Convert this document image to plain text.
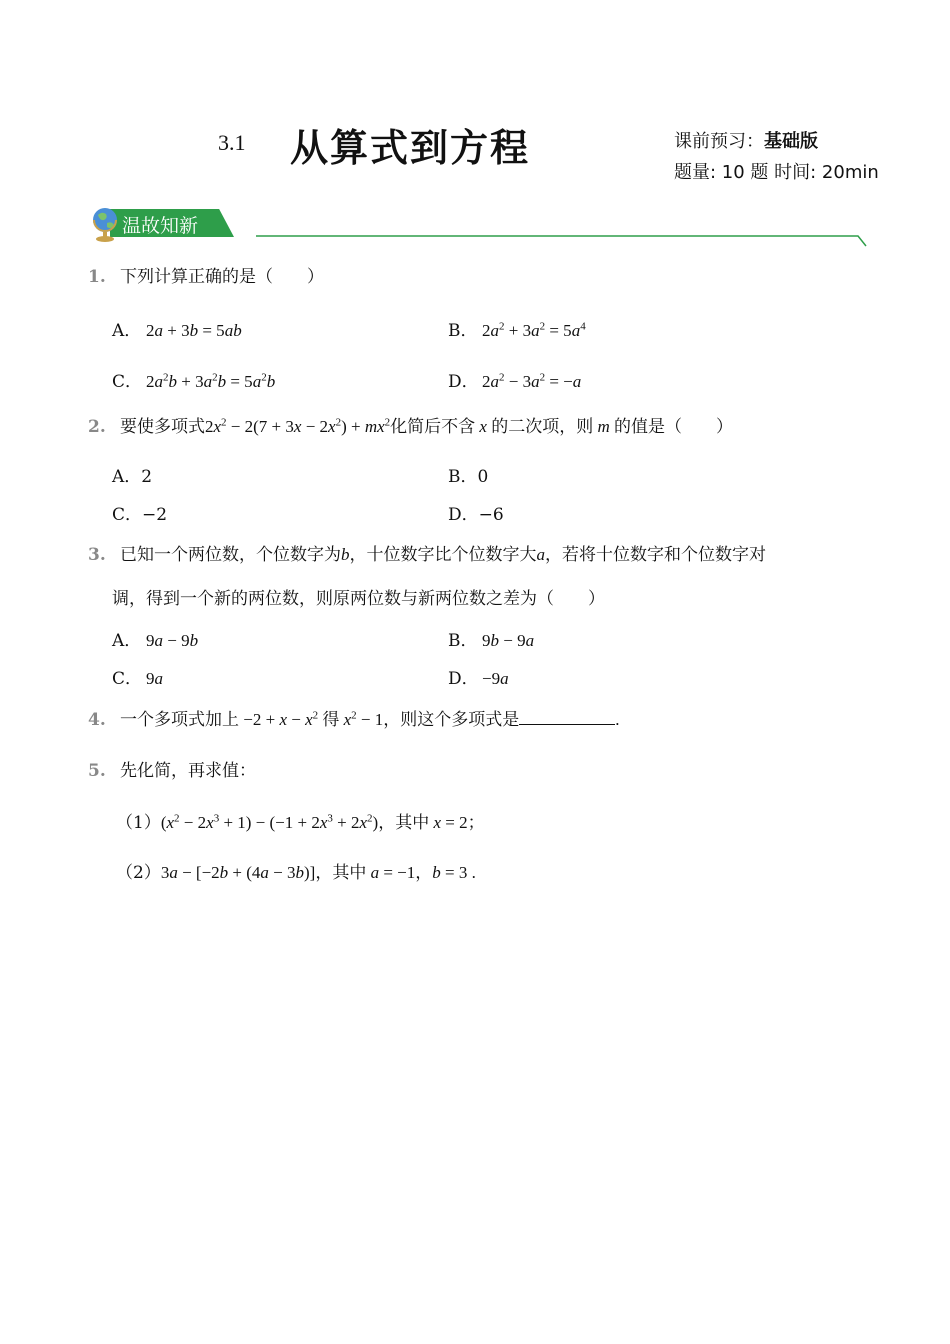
3.1 从算式到方程	课前预习：基础版
题量: 10 题 时间: 20min
温故知新
1. 下列计算正确的是（　　）
A． 2a + 3b = 5ab	B． $2a^2 + 3a^2 = 5a^4$
C． $2a^2b + 3a^2b = 5a^2b$	D． $2a^2 - 3a^2 = -a$
2. 要使多项式$2x^2 - 2(7 + 3x - 2x^2) + mx^2$化简后不含 x 的二次项，则 m 的值是（　　）
A．2	B．0
C．−2	D．−6
3. 已知一个两位数，个位数字为b，十位数字比个位数字大a，若将十位数字和个位数字对
调，得到一个新的两位数，则原两位数与新两位数之差为（　　）
A． 9a − 9b	B． 9b − 9a
C． 9a	D． −9a
4. 一个多项式加上 $-2 + x - x^2$ 得 $x^2 - 1$，则这个多项式是	.
5. 先化简，再求值：
$(1)(x^2 - 2x^3 + 1) - (-1 + 2x^3 + 2x^2)$，其中 x = 2；
（2）3a − [−2b + (4a − 3b)]，其中 a = −1，b = 3 .
